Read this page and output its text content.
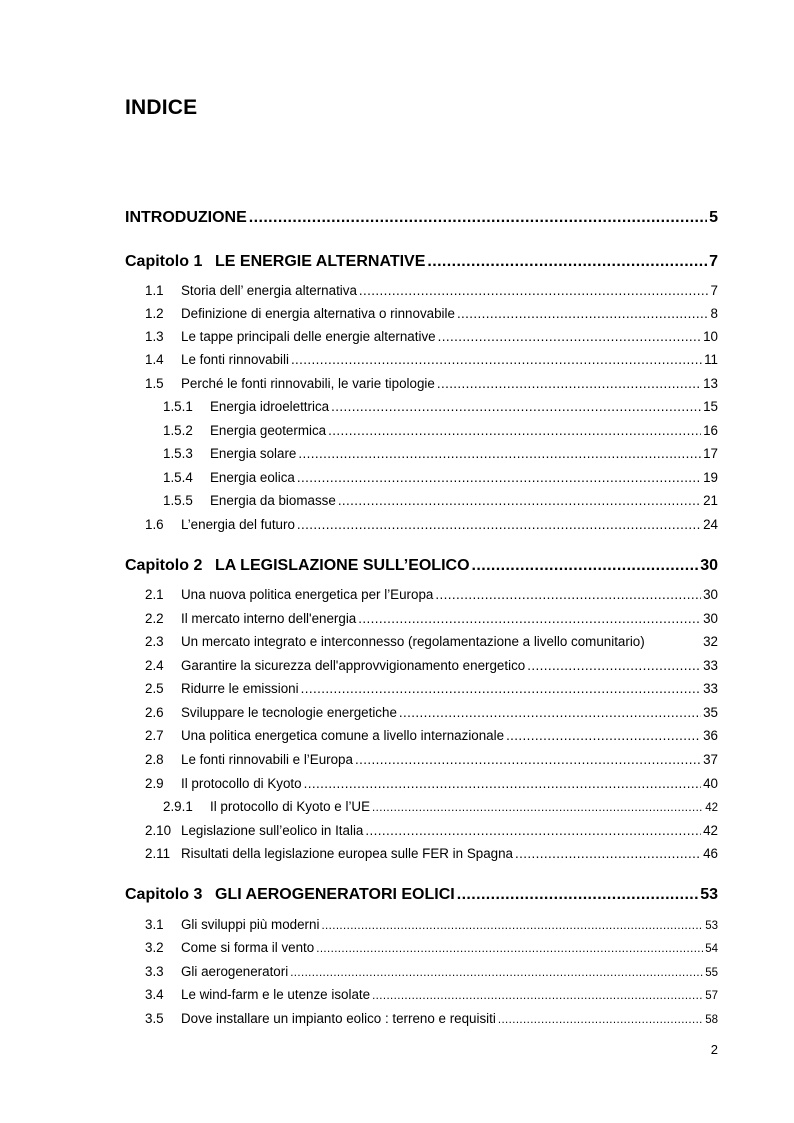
INDICE
INTRODUZIONE .....	5
Capitolo 1 LE ENERGIE ALTERNATIVE .....	7
1.1	Storia dell’ energia alternativa .....	7
1.2	Definizione di energia alternativa o rinnovabile .....	8
1.3	Le tappe principali delle energie alternative .....	10
1.4	Le fonti rinnovabili .....	11
1.5	Perché le fonti rinnovabili, le varie tipologie .....	13
1.5.1	Energia idroelettrica .....	15
1.5.2	Energia geotermica .....	16
1.5.3	Energia solare .....	17
1.5.4	Energia eolica .....	19
1.5.5	Energia da biomasse .....	21
1.6	L’energia del futuro .....	24
Capitolo 2 LA LEGISLAZIONE SULL’EOLICO .....	30
2.1	Una nuova politica energetica per l’Europa .....	30
2.2	Il mercato interno dell'energia .....	30
2.3	Un mercato integrato e interconnesso (regolamentazione a livello comunitario)	32
2.4	Garantire la sicurezza dell'approvvigionamento energetico .....	33
2.5	Ridurre le emissioni .....	33
2.6	Sviluppare le tecnologie energetiche .....	35
2.7	Una politica energetica comune a livello internazionale .....	36
2.8	Le fonti rinnovabili e l’Europa .....	37
2.9	Il protocollo di Kyoto .....	40
2.9.1	Il protocollo di Kyoto e l’UE .....	42
2.10 Legislazione sull’eolico in Italia .....	42
2.11 Risultati della legislazione europea sulle FER in Spagna .....	46
Capitolo 3 GLI AEROGENERATORI EOLICI .....	53
3.1	Gli sviluppi più moderni .....	53
3.2	Come si forma il vento .....	54
3.3	Gli aerogeneratori .....	55
3.4	Le wind-farm e le utenze isolate .....	57
3.5	Dove installare un impianto eolico : terreno e requisiti .....	58
2
